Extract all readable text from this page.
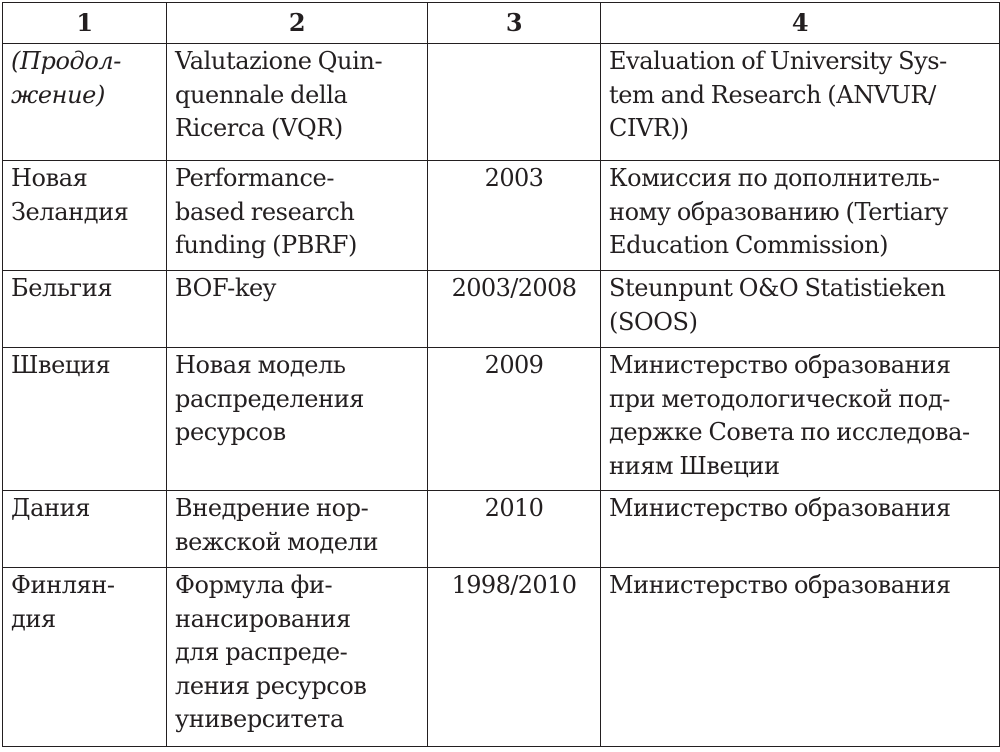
1	2	3	4

(Продол-
жение)	Valutazione Quin-
quennale della
Ricerca (VQR)		Evaluation of University Sys-
tem and Research (ANVUR/
CIVR))

Новая
Зеландия	Performance-
based research
funding (PBRF)	2003	Комиссия по дополнитель-
ному образованию (Tertiary
Education Commission)

Бельгия	BOF-key	2003/2008	Steunpunt O&O Statistieken
(SOOS)

Швеция	Новая модель
распределения
ресурсов	2009	Министерство образования
при методологической под-
держке Совета по исследова-
ниям Швеции

Дания	Внедрение нор-
вежской модели	2010	Министерство образования

Финлян-
дия	Формула фи-
нансирования
для распреде-
ления ресурсов
университета	1998/2010	Министерство образования
